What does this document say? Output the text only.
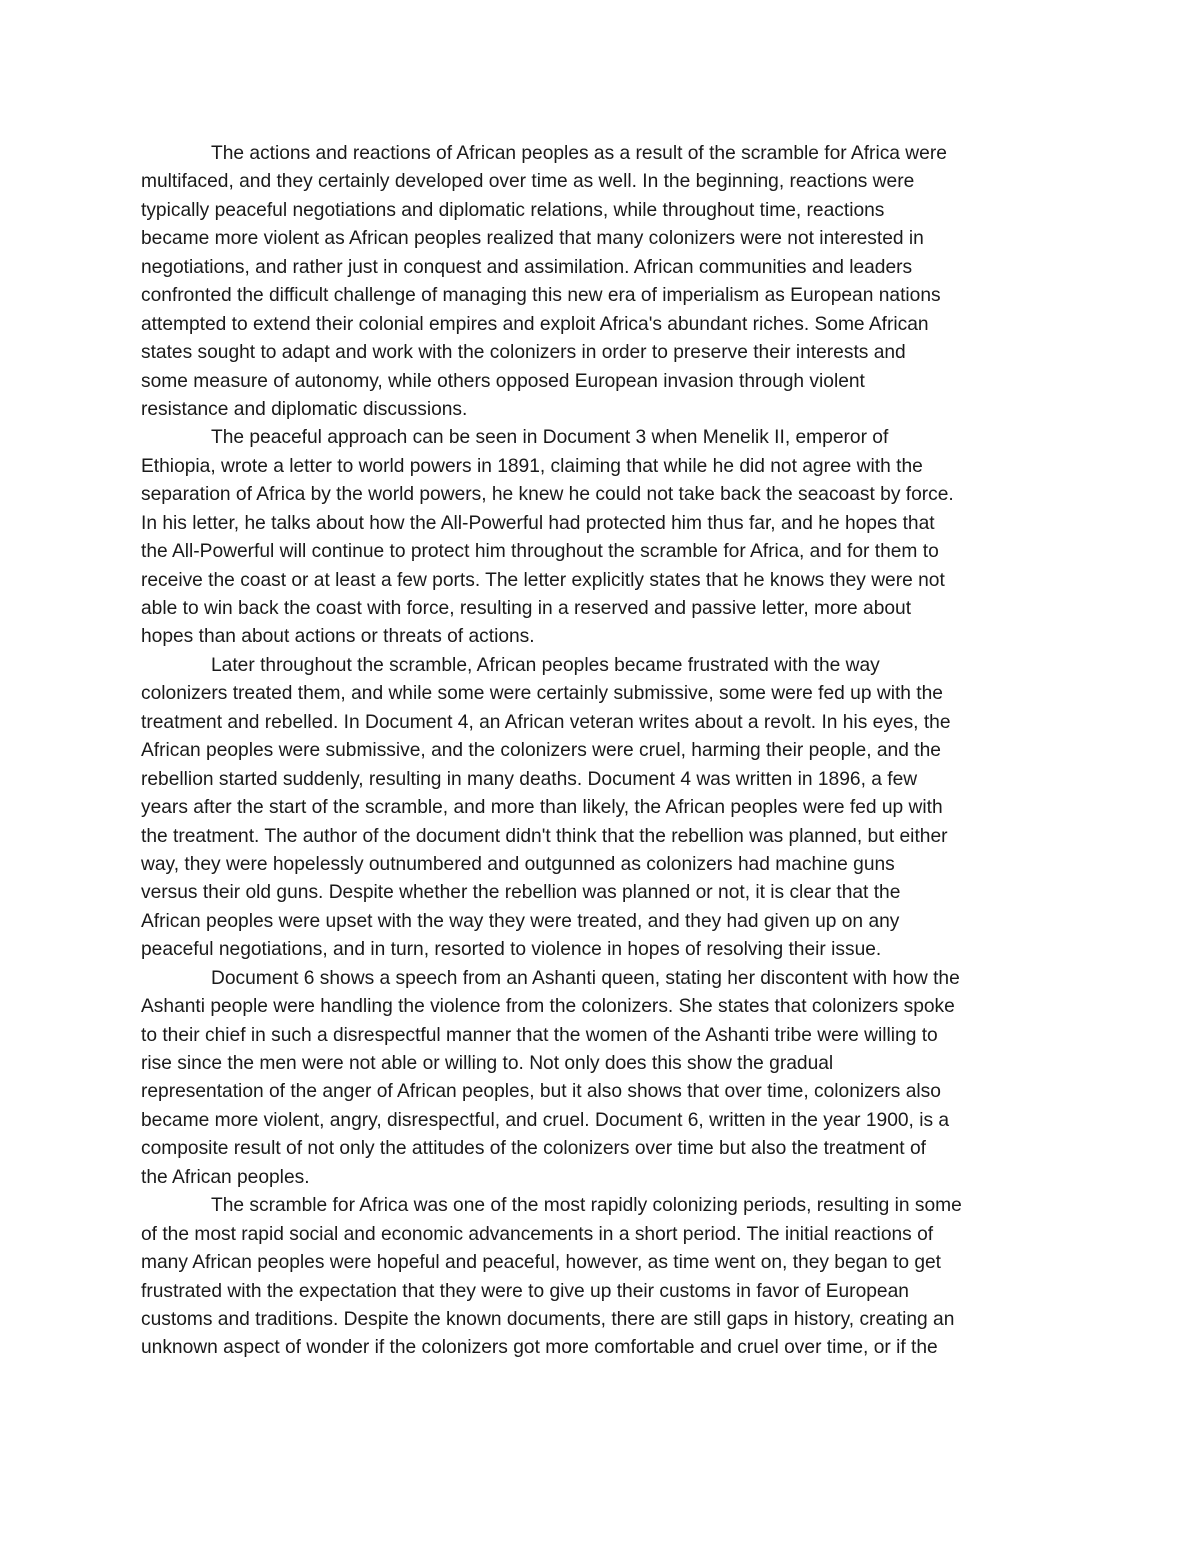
The actions and reactions of African peoples as a result of the scramble for Africa were
multifaced, and they certainly developed over time as well. In the beginning, reactions were
typically peaceful negotiations and diplomatic relations, while throughout time, reactions
became more violent as African peoples realized that many colonizers were not interested in
negotiations, and rather just in conquest and assimilation. African communities and leaders
confronted the difficult challenge of managing this new era of imperialism as European nations
attempted to extend their colonial empires and exploit Africa's abundant riches. Some African
states sought to adapt and work with the colonizers in order to preserve their interests and
some measure of autonomy, while others opposed European invasion through violent
resistance and diplomatic discussions.

The peaceful approach can be seen in Document 3 when Menelik II, emperor of
Ethiopia, wrote a letter to world powers in 1891, claiming that while he did not agree with the
separation of Africa by the world powers, he knew he could not take back the seacoast by force.
In his letter, he talks about how the All-Powerful had protected him thus far, and he hopes that
the All-Powerful will continue to protect him throughout the scramble for Africa, and for them to
receive the coast or at least a few ports. The letter explicitly states that he knows they were not
able to win back the coast with force, resulting in a reserved and passive letter, more about
hopes than about actions or threats of actions.

Later throughout the scramble, African peoples became frustrated with the way
colonizers treated them, and while some were certainly submissive, some were fed up with the
treatment and rebelled. In Document 4, an African veteran writes about a revolt. In his eyes, the
African peoples were submissive, and the colonizers were cruel, harming their people, and the
rebellion started suddenly, resulting in many deaths. Document 4 was written in 1896, a few
years after the start of the scramble, and more than likely, the African peoples were fed up with
the treatment. The author of the document didn't think that the rebellion was planned, but either
way, they were hopelessly outnumbered and outgunned as colonizers had machine guns
versus their old guns. Despite whether the rebellion was planned or not, it is clear that the
African peoples were upset with the way they were treated, and they had given up on any
peaceful negotiations, and in turn, resorted to violence in hopes of resolving their issue.

Document 6 shows a speech from an Ashanti queen, stating her discontent with how the
Ashanti people were handling the violence from the colonizers. She states that colonizers spoke
to their chief in such a disrespectful manner that the women of the Ashanti tribe were willing to
rise since the men were not able or willing to. Not only does this show the gradual
representation of the anger of African peoples, but it also shows that over time, colonizers also
became more violent, angry, disrespectful, and cruel. Document 6, written in the year 1900, is a
composite result of not only the attitudes of the colonizers over time but also the treatment of
the African peoples.

The scramble for Africa was one of the most rapidly colonizing periods, resulting in some
of the most rapid social and economic advancements in a short period. The initial reactions of
many African peoples were hopeful and peaceful, however, as time went on, they began to get
frustrated with the expectation that they were to give up their customs in favor of European
customs and traditions. Despite the known documents, there are still gaps in history, creating an
unknown aspect of wonder if the colonizers got more comfortable and cruel over time, or if the
